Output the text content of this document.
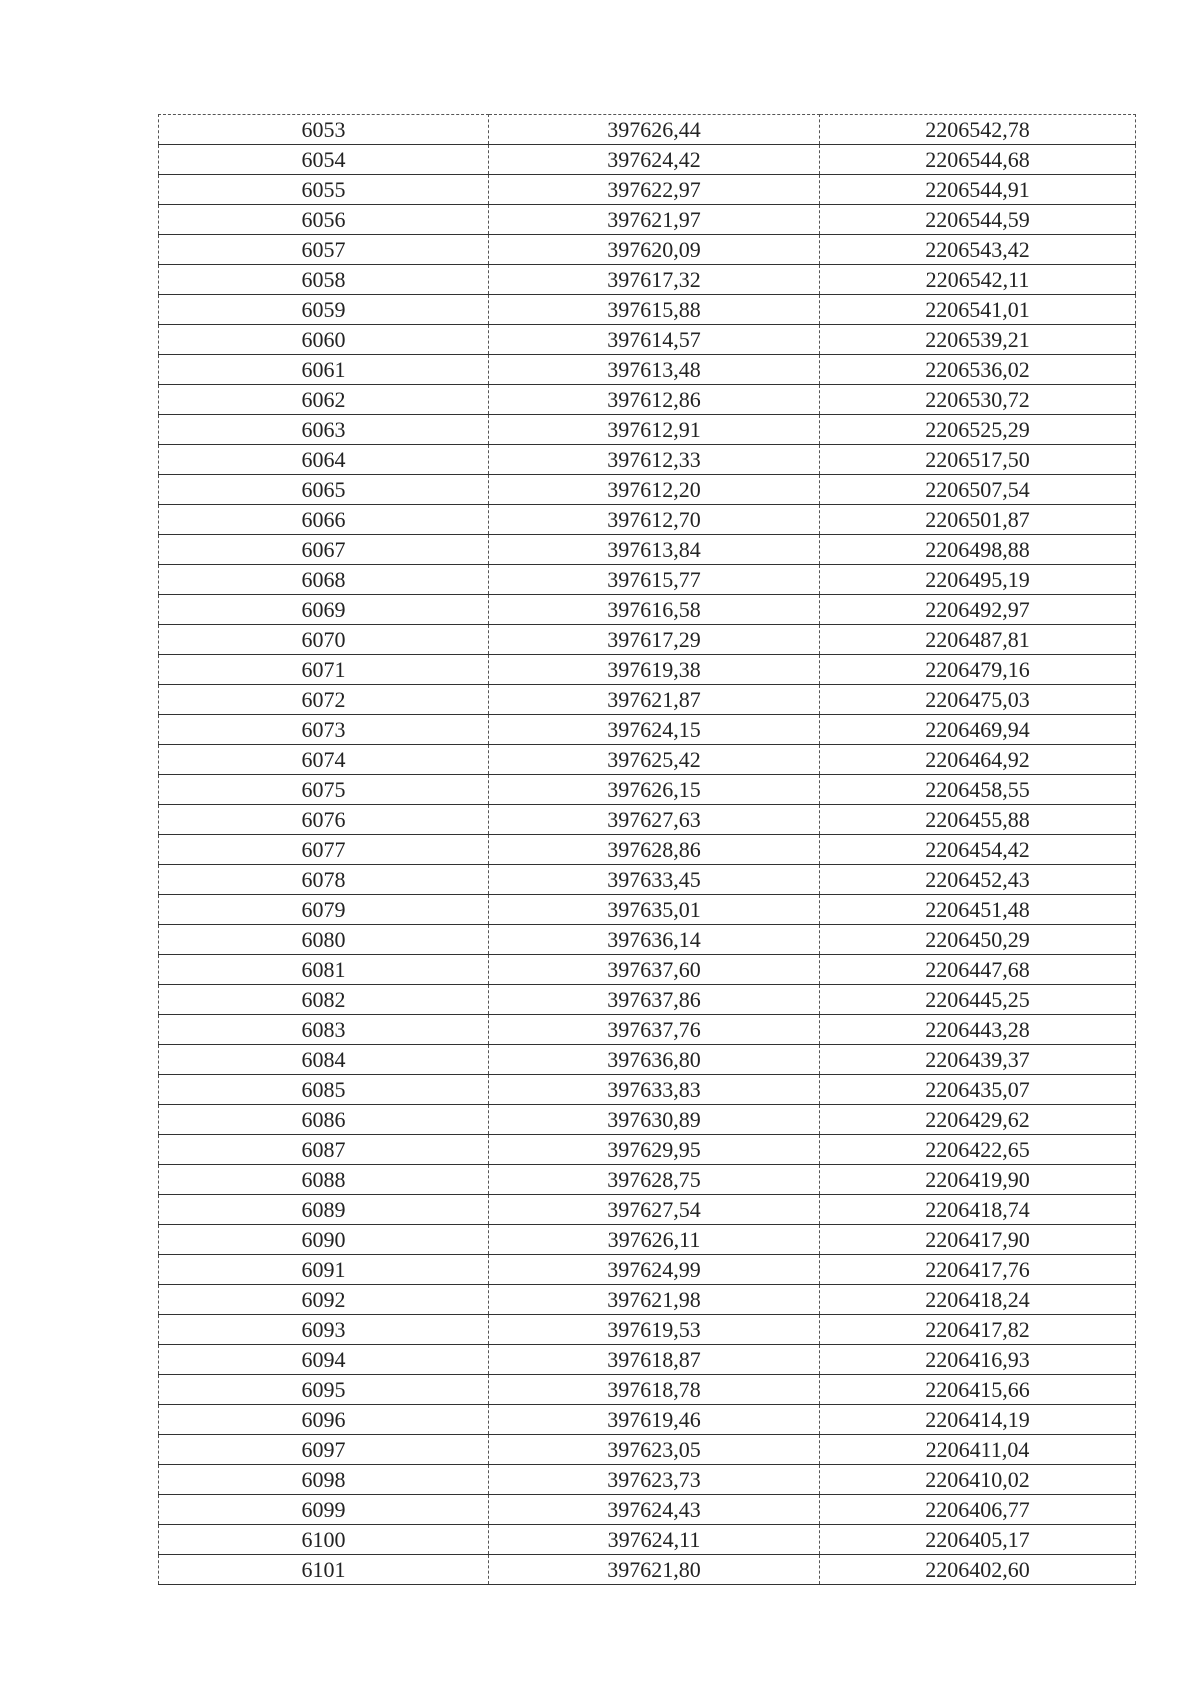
6053	397626,44	2206542,78
6054	397624,42	2206544,68
6055	397622,97	2206544,91
6056	397621,97	2206544,59
6057	397620,09	2206543,42
6058	397617,32	2206542,11
6059	397615,88	2206541,01
6060	397614,57	2206539,21
6061	397613,48	2206536,02
6062	397612,86	2206530,72
6063	397612,91	2206525,29
6064	397612,33	2206517,50
6065	397612,20	2206507,54
6066	397612,70	2206501,87
6067	397613,84	2206498,88
6068	397615,77	2206495,19
6069	397616,58	2206492,97
6070	397617,29	2206487,81
6071	397619,38	2206479,16
6072	397621,87	2206475,03
6073	397624,15	2206469,94
6074	397625,42	2206464,92
6075	397626,15	2206458,55
6076	397627,63	2206455,88
6077	397628,86	2206454,42
6078	397633,45	2206452,43
6079	397635,01	2206451,48
6080	397636,14	2206450,29
6081	397637,60	2206447,68
6082	397637,86	2206445,25
6083	397637,76	2206443,28
6084	397636,80	2206439,37
6085	397633,83	2206435,07
6086	397630,89	2206429,62
6087	397629,95	2206422,65
6088	397628,75	2206419,90
6089	397627,54	2206418,74
6090	397626,11	2206417,90
6091	397624,99	2206417,76
6092	397621,98	2206418,24
6093	397619,53	2206417,82
6094	397618,87	2206416,93
6095	397618,78	2206415,66
6096	397619,46	2206414,19
6097	397623,05	2206411,04
6098	397623,73	2206410,02
6099	397624,43	2206406,77
6100	397624,11	2206405,17
6101	397621,80	2206402,60
